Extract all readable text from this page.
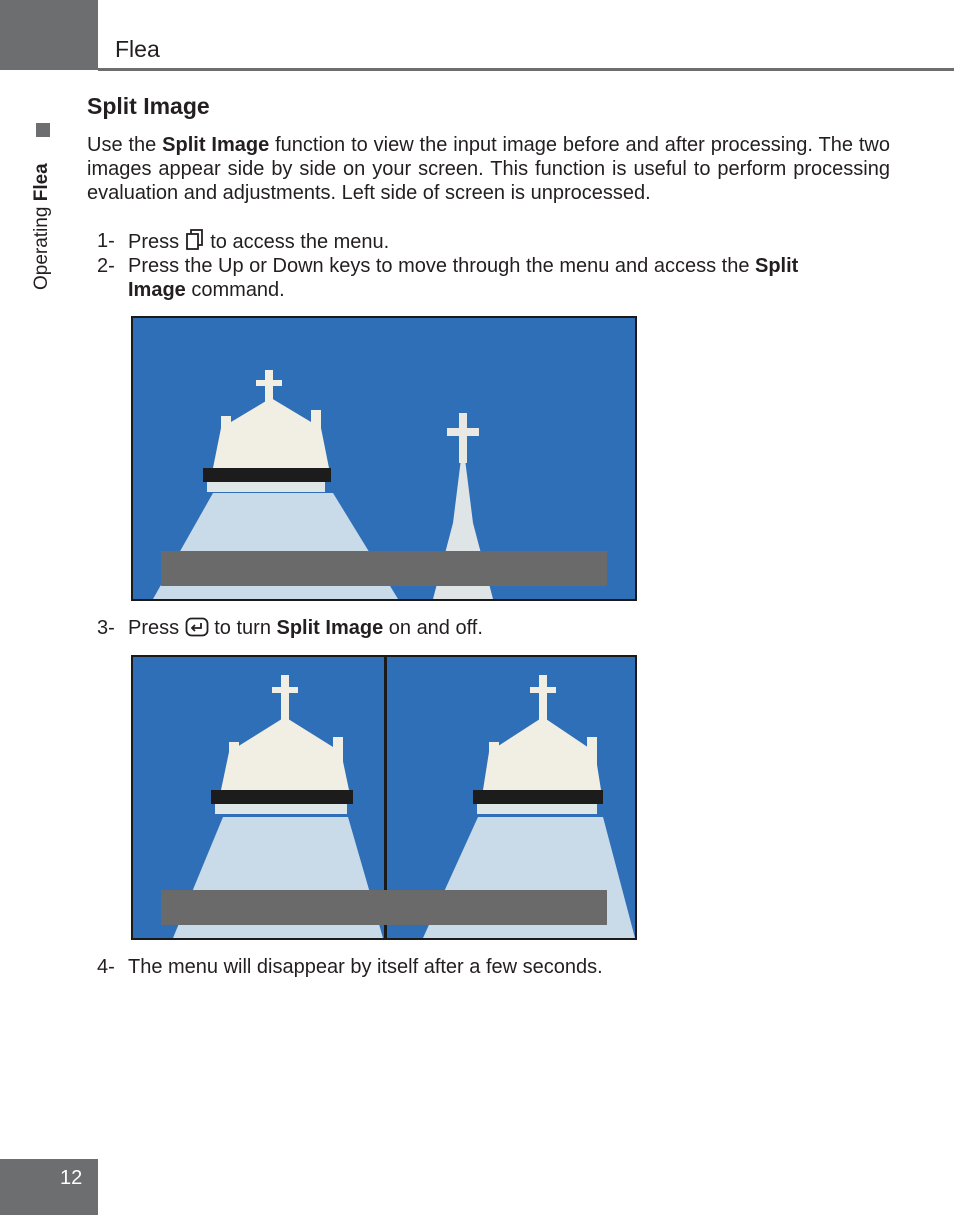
Flea
Operating Flea
Split Image

Use the Split Image function to view the input image before and after processing. The two images appear side by side on your screen. This function is useful to perform processing evaluation and adjustments. Left side of screen is unprocessed.

1- Press  to access the menu.
2- Press the Up or Down keys to move through the menu and access the Split
Image command.
3- Press  to turn Split Image on and off.
4- The menu will disappear by itself after a few seconds.
12
